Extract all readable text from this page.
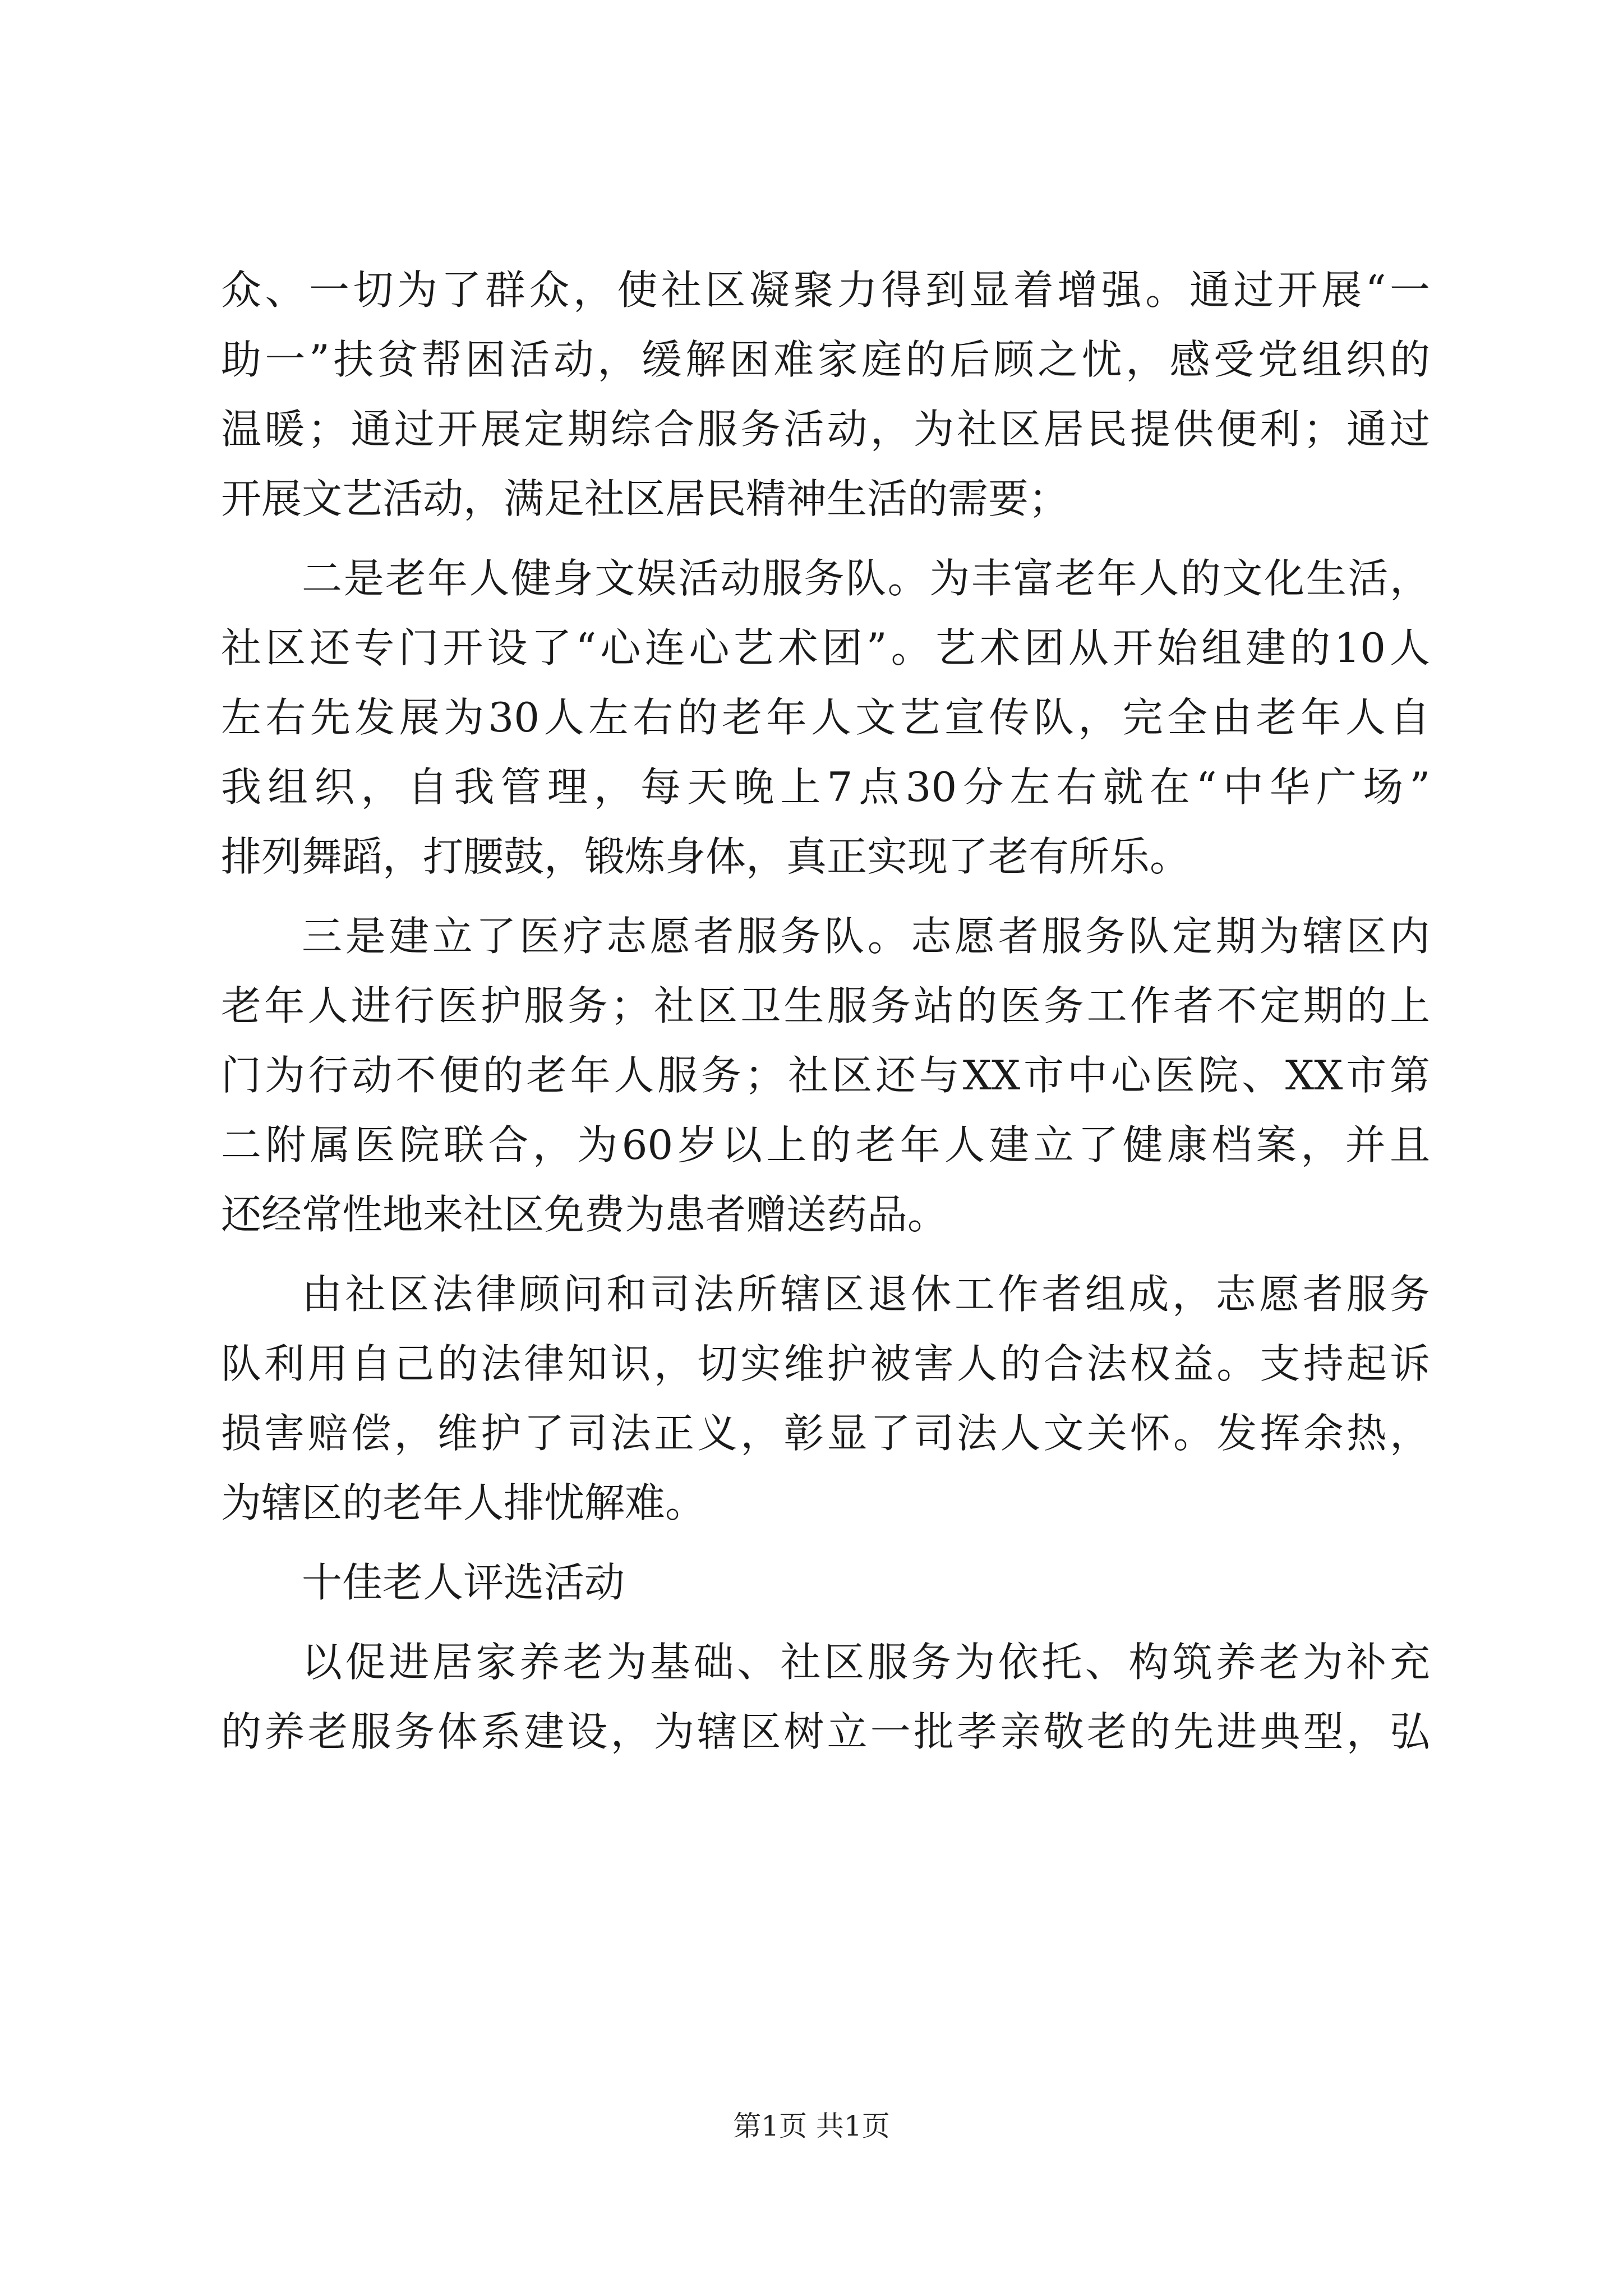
众、一切为了群众，使社区凝聚力得到显着增强。通过开展“一
助一”扶贫帮困活动，缓解困难家庭的后顾之忧，感受党组织的
温暖；通过开展定期综合服务活动，为社区居民提供便利；通过
开展文艺活动，满足社区居民精神生活的需要；
二是老年人健身文娱活动服务队。为丰富老年人的文化生活，
社区还专门开设了“心连心艺术团”。艺术团从开始组建的10人
左右先发展为30人左右的老年人文艺宣传队，完全由老年人自
我组织，自我管理，每天晚上7点30分左右就在“中华广场”
排列舞蹈，打腰鼓，锻炼身体，真正实现了老有所乐。
三是建立了医疗志愿者服务队。志愿者服务队定期为辖区内
老年人进行医护服务；社区卫生服务站的医务工作者不定期的上
门为行动不便的老年人服务；社区还与XX市中心医院、XX市第
二附属医院联合，为60岁以上的老年人建立了健康档案，并且
还经常性地来社区免费为患者赠送药品。
由社区法律顾问和司法所辖区退休工作者组成，志愿者服务
队利用自己的法律知识，切实维护被害人的合法权益。支持起诉
损害赔偿，维护了司法正义，彰显了司法人文关怀。发挥余热，
为辖区的老年人排忧解难。
十佳老人评选活动
以促进居家养老为基础、社区服务为依托、构筑养老为补充
的养老服务体系建设，为辖区树立一批孝亲敬老的先进典型，弘
第1页 共1页
